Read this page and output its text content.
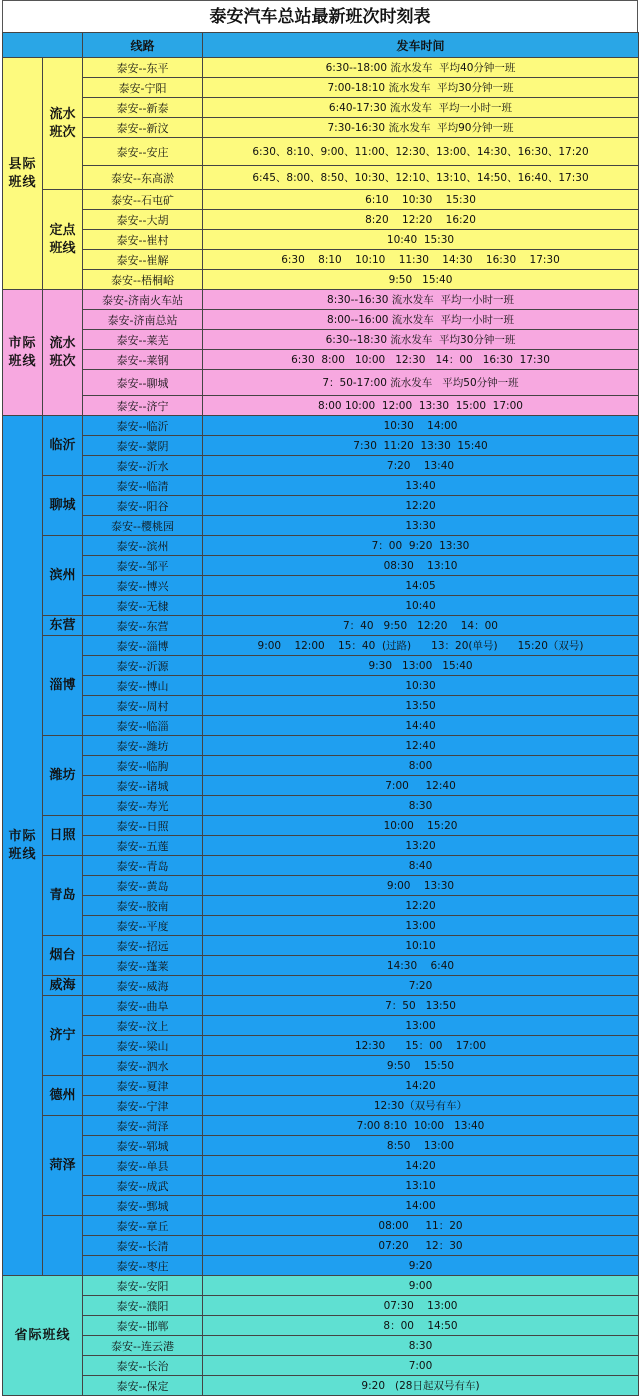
泰安汽车总站最新班次时刻表
		线路	发车时间
县际班线	流水班次	泰安--东平	6:30--18:00 流水发车  平均40分钟一班
		泰安-宁阳	7:00-18:10 流水发车  平均30分钟一班
		泰安--新泰	6:40-17:30 流水发车  平均一小时一班
		泰安--新汶	7:30-16:30 流水发车  平均90分钟一班
		泰安--安庄	6:30、8:10、9:00、11:00、12:30、13:00、14:30、16:30、17:20
		泰安--东高淤	6:45、8:00、8:50、10:30、12:10、13:10、14:50、16:40、17:30
	定点班线	泰安--石屯矿	6:10    10:30    15:30
		泰安--大胡	8:20    12:20    16:20
		泰安--崔村	10:40  15:30
		泰安--崔解	6:30    8:10    10:10    11:30    14:30    16:30    17:30
		泰安--梧桐峪	9:50   15:40
市际班线	流水班次	泰安-济南火车站	8:30--16:30 流水发车  平均一小时一班
		泰安-济南总站	8:00--16:00 流水发车  平均一小时一班
		泰安--莱芜	6:30--18:30 流水发车  平均30分钟一班
		泰安--莱钢	6:30  8:00   10:00   12:30   14：00   16:30  17:30
		泰安--聊城	7：50-17:00 流水发车   平均50分钟一班
		泰安--济宁	8:00 10:00  12:00  13:30  15:00  17:00
市际班线	临沂	泰安--临沂	10:30    14:00
		泰安--蒙阴	7:30  11:20  13:30  15:40
		泰安--沂水	7:20    13:40
	聊城	泰安--临清	13:40
		泰安--阳谷	12:20
		泰安--樱桃园	13:30
	滨州	泰安--滨州	7：00  9:20  13:30
		泰安--邹平	08:30    13:10
		泰安--博兴	14:05
		泰安--无棣	10:40
	东营	泰安--东营	7：40   9:50   12:20    14：00
	淄博	泰安--淄博	9:00    12:00    15：40  (过路)      13：20(单号)      15:20（双号)
		泰安--沂源	9:30   13:00   15:40
		泰安--博山	10:30
		泰安--周村	13:50
		泰安--临淄	14:40
	潍坊	泰安--潍坊	12:40
		泰安--临朐	8:00
		泰安--诸城	7:00     12:40
		泰安--寿光	8:30
	日照	泰安--日照	10:00    15:20
		泰安--五莲	13:20
	青岛	泰安--青岛	8:40
		泰安--黄岛	9:00    13:30
		泰安--胶南	12:20
		泰安--平度	13:00
	烟台	泰安--招远	10:10
		泰安--蓬莱	14:30    6:40
	威海	泰安--威海	7:20
	济宁	泰安--曲阜	7：50   13:50
		泰安--汶上	13:00
		泰安--梁山	12:30      15：00    17:00
		泰安--泗水	9:50    15:50
	德州	泰安--夏津	14:20
		泰安--宁津	12:30（双号有车）
	菏泽	泰安--菏泽	7:00 8:10  10:00   13:40
		泰安--郓城	8:50    13:00
		泰安--单县	14:20
		泰安--成武	13:10
		泰安--鄄城	14:00
		泰安--章丘	08:00     11：20
		泰安--长清	07:20     12：30
		泰安--枣庄	9:20
省际班线		泰安--安阳	9:00
		泰安--濮阳	07:30    13:00
		泰安--邯郸	8：00    14:50
		泰安--连云港	8:30
		泰安--长治	7:00
		泰安--保定	9:20   (28日起双号有车)
